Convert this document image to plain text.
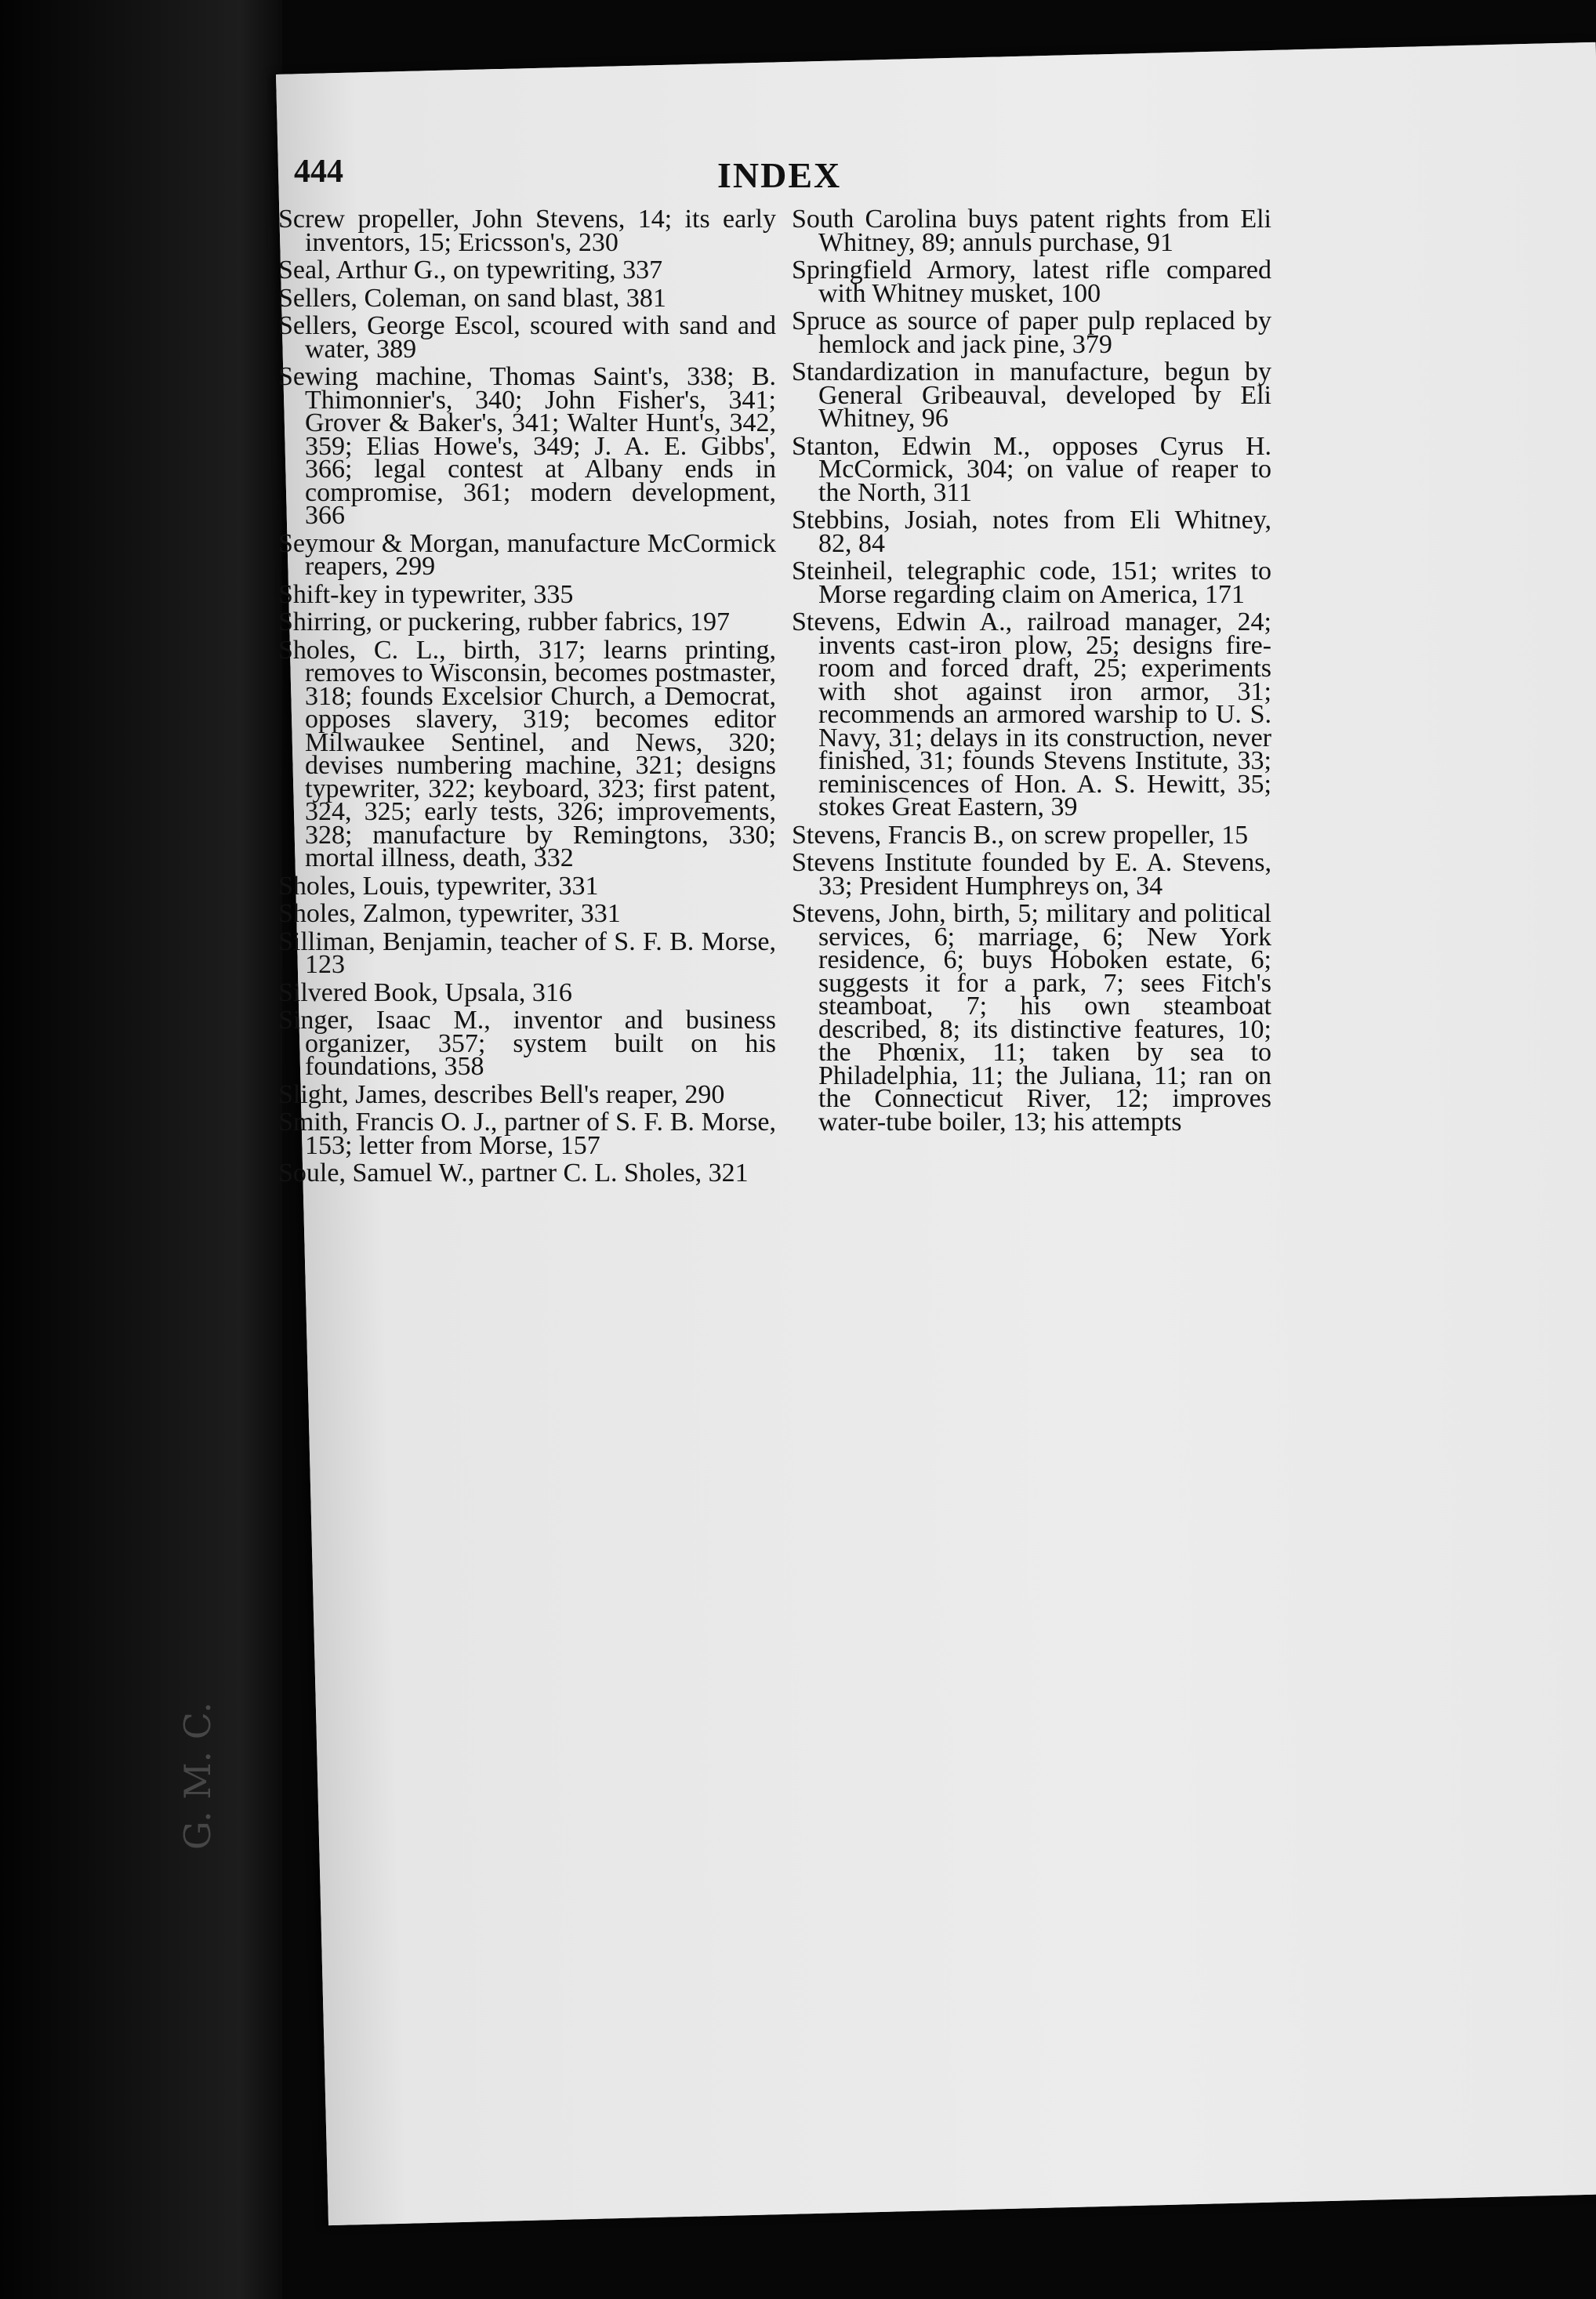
G. M. C.
444	INDEX

Screw propeller, John Stevens, 14; its early inventors, 15; Ericsson's, 230

Seal, Arthur G., on typewriting, 337

Sellers, Coleman, on sand blast, 381

Sellers, George Escol, scoured with sand and water, 389

Sewing machine, Thomas Saint's, 338; B. Thimonnier's, 340; John Fisher's, 341; Grover & Baker's, 341; Walter Hunt's, 342, 359; Elias Howe's, 349; J. A. E. Gibbs', 366; legal contest at Albany ends in compromise, 361; modern development, 366

Seymour & Morgan, manufacture McCormick reapers, 299

Shift-key in typewriter, 335

Shirring, or puckering, rubber fabrics, 197

Sholes, C. L., birth, 317; learns printing, removes to Wisconsin, becomes postmaster, 318; founds Excelsior Church, a Democrat, opposes slavery, 319; becomes editor Milwaukee Sentinel, and News, 320; devises numbering machine, 321; designs typewriter, 322; keyboard, 323; first patent, 324, 325; early tests, 326; improvements, 328; manufacture by Remingtons, 330; mortal illness, death, 332

Sholes, Louis, typewriter, 331

Sholes, Zalmon, typewriter, 331

Silliman, Benjamin, teacher of S. F. B. Morse, 123

Silvered Book, Upsala, 316

Singer, Isaac M., inventor and business organizer, 357; system built on his foundations, 358

Slight, James, describes Bell's reaper, 290

Smith, Francis O. J., partner of S. F. B. Morse, 153; letter from Morse, 157

Soule, Samuel W., partner C. L. Sholes, 321

South Carolina buys patent rights from Eli Whitney, 89; annuls purchase, 91

Springfield Armory, latest rifle compared with Whitney musket, 100

Spruce as source of paper pulp replaced by hemlock and jack pine, 379

Standardization in manufacture, begun by General Gribeauval, developed by Eli Whitney, 96

Stanton, Edwin M., opposes Cyrus H. McCormick, 304; on value of reaper to the North, 311

Stebbins, Josiah, notes from Eli Whitney, 82, 84

Steinheil, telegraphic code, 151; writes to Morse regarding claim on America, 171

Stevens, Edwin A., railroad manager, 24; invents cast-iron plow, 25; designs fire-room and forced draft, 25; experiments with shot against iron armor, 31; recommends an armored warship to U. S. Navy, 31; delays in its construction, never finished, 31; founds Stevens Institute, 33; reminiscences of Hon. A. S. Hewitt, 35; stokes Great Eastern, 39

Stevens, Francis B., on screw propeller, 15

Stevens Institute founded by E. A. Stevens, 33; President Humphreys on, 34

Stevens, John, birth, 5; military and political services, 6; marriage, 6; New York residence, 6; buys Hoboken estate, 6; suggests it for a park, 7; sees Fitch's steamboat, 7; his own steamboat described, 8; its distinctive features, 10; the Phœnix, 11; taken by sea to Philadelphia, 11; the Juliana, 11; ran on the Connecticut River, 12; improves water-tube boiler, 13; his attempts
